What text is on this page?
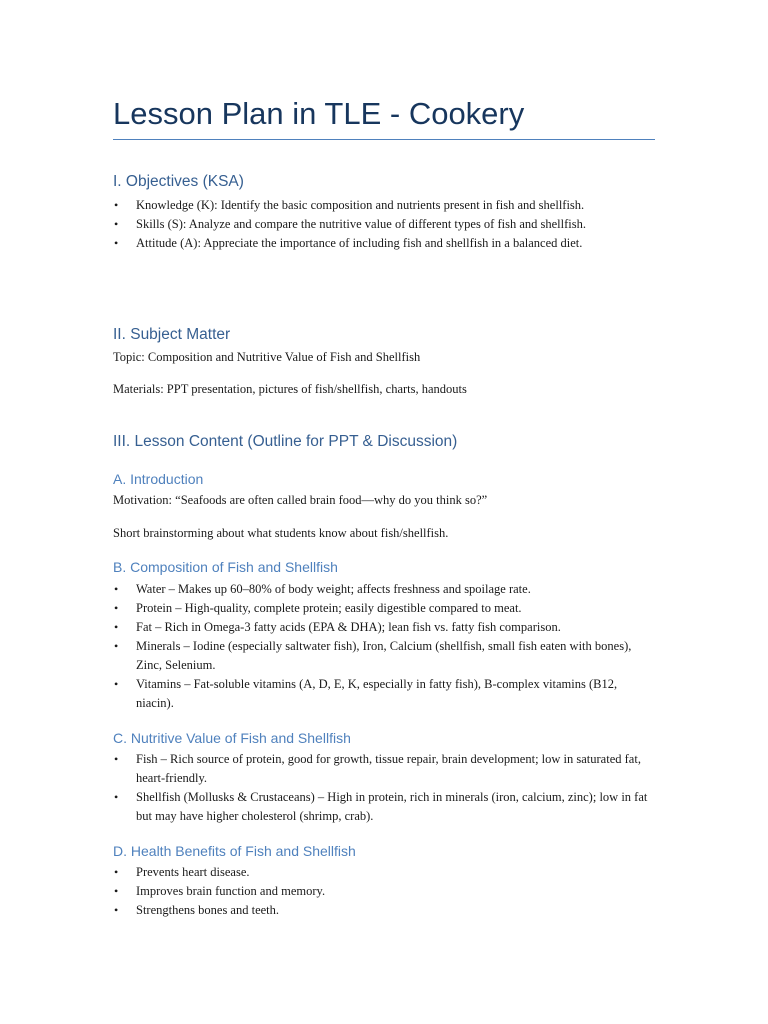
Lesson Plan in TLE - Cookery
I. Objectives (KSA)
• Knowledge (K): Identify the basic composition and nutrients present in fish and shellfish.
• Skills (S): Analyze and compare the nutritive value of different types of fish and shellfish.
• Attitude (A): Appreciate the importance of including fish and shellfish in a balanced diet.
II. Subject Matter

Topic: Composition and Nutritive Value of Fish and Shellfish

Materials: PPT presentation, pictures of fish/shellfish, charts, handouts

III. Lesson Content (Outline for PPT & Discussion)
A. Introduction

Motivation: “Seafoods are often called brain food—why do you think so?”

Short brainstorming about what students know about fish/shellfish.

B. Composition of Fish and Shellfish
• Water – Makes up 60–80% of body weight; affects freshness and spoilage rate.
• Protein – High-quality, complete protein; easily digestible compared to meat.
• Fat – Rich in Omega-3 fatty acids (EPA & DHA); lean fish vs. fatty fish comparison.
• Minerals – Iodine (especially saltwater fish), Iron, Calcium (shellfish, small fish eaten with bones), Zinc, Selenium.
• Vitamins – Fat-soluble vitamins (A, D, E, K, especially in fatty fish), B-complex vitamins (B12, niacin).
C. Nutritive Value of Fish and Shellfish
• Fish – Rich source of protein, good for growth, tissue repair, brain development; low in saturated fat, heart-friendly.
• Shellfish (Mollusks & Crustaceans) – High in protein, rich in minerals (iron, calcium, zinc); low in fat but may have higher cholesterol (shrimp, crab).
D. Health Benefits of Fish and Shellfish
• Prevents heart disease.
• Improves brain function and memory.
• Strengthens bones and teeth.
